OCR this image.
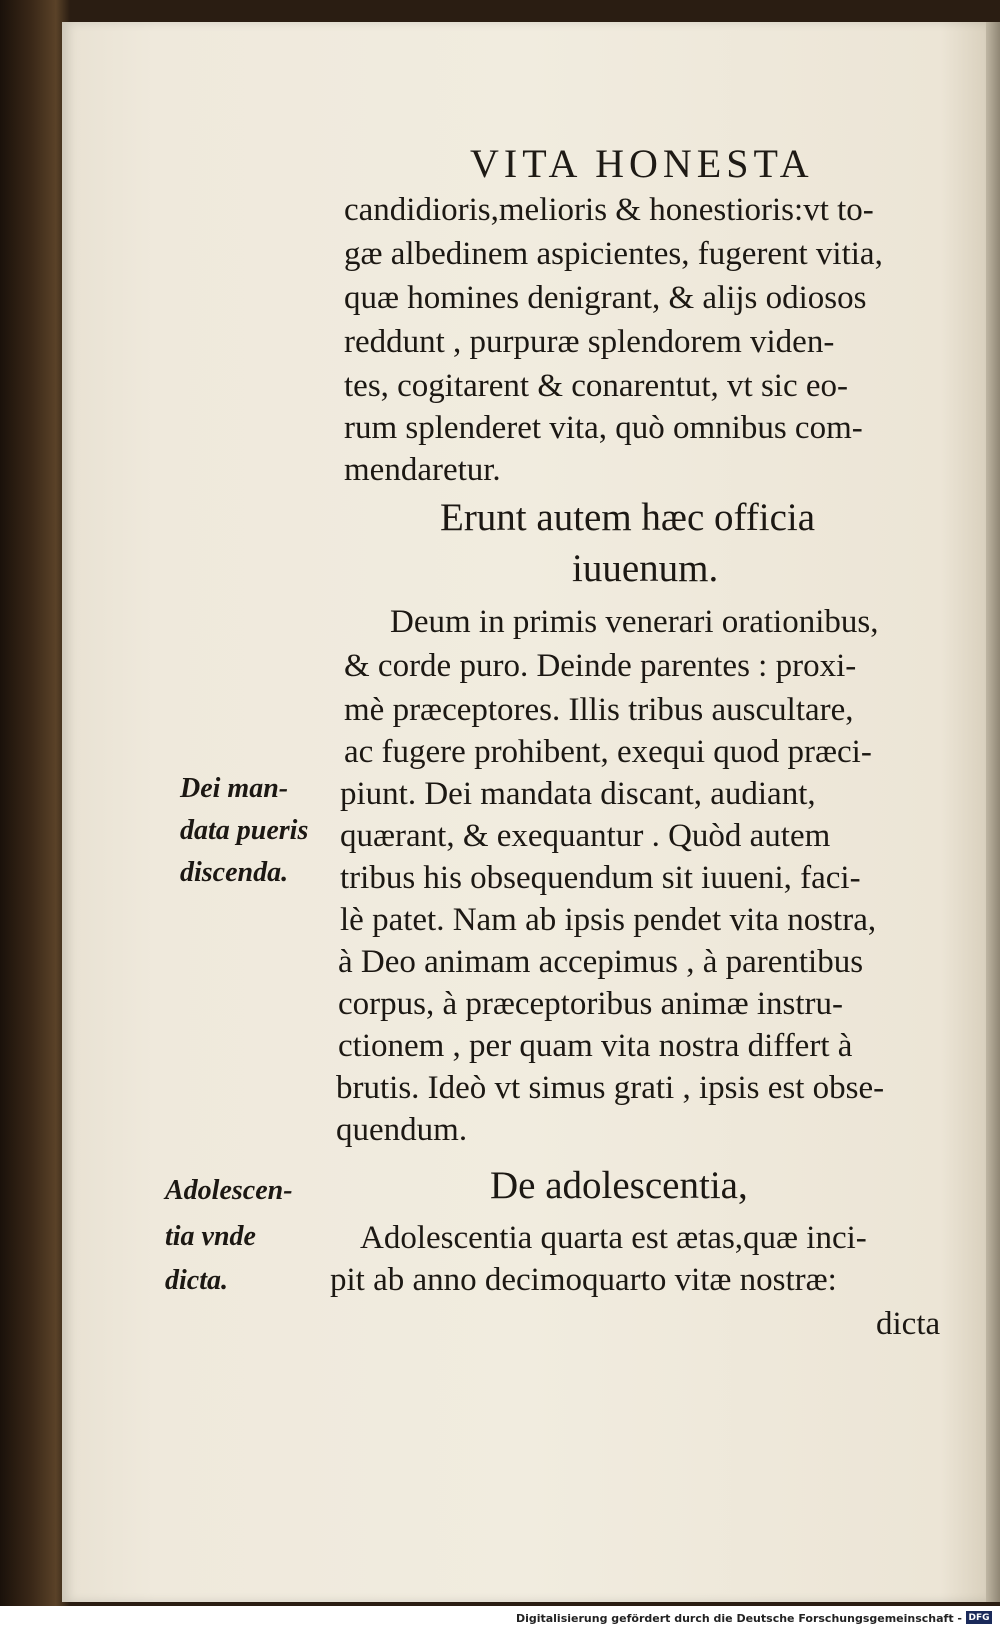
VITA HONESTA
candidioris,melioris & honestioris:vt to-
gæ albedinem aspicientes, fugerent vitia,
quæ homines denigrant, & alijs odiosos
reddunt , purpuræ splendorem viden-
tes, cogitarent & conarentut, vt sic eo-
rum splenderet vita, quò omnibus com-
mendaretur.
Erunt autem hæc officia
iuuenum.
Deum in primis venerari orationibus,
& corde puro. Deinde parentes : proxi-
mè præceptores. Illis tribus auscultare,
ac fugere prohibent, exequi quod præci-
piunt. Dei mandata discant, audiant,
quærant, & exequantur . Quòd autem
tribus his obsequendum sit iuueni, faci-
lè patet. Nam ab ipsis pendet vita nostra,
à Deo animam accepimus , à parentibus
corpus, à præceptoribus animæ instru-
ctionem , per quam vita nostra differt à
brutis. Ideò vt simus grati , ipsis est obse-
quendum.
Dei man-
data pueris
discenda.
De adolescentia,
Adolescen-
tia vnde
dicta.
Adolescentia quarta est ætas,quæ inci-
pit ab anno decimoquarto vitæ nostræ:
dicta
Digitalisierung gefördert durch die Deutsche Forschungsgemeinschaft - DFG
